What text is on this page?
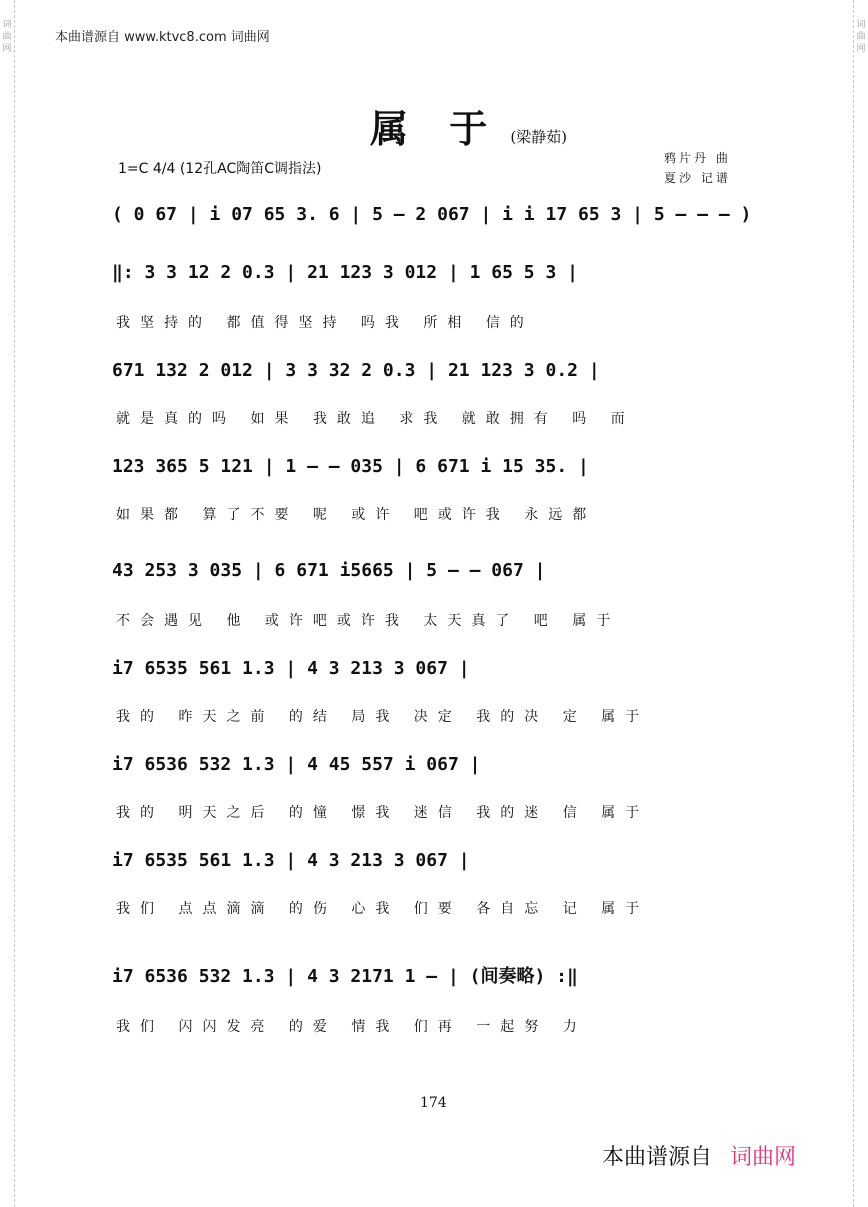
词
曲
网
词
曲
网
本曲谱源自 www.ktvc8.com 词曲网
属 于 (梁静茹)
1=C 4/4 (12孔AC陶笛C调指法)
鸦片丹 曲
夏沙 记谱
( 0 67 | i 07 65 3. 6 | 5 – 2 067 | i i 17 65 3 | 5 – – – )
‖: 3 3 12 2 0.3 | 21 123 3 012 | 1 65 5 3 |
我坚持的 都值得坚持 吗我 所相 信的
671 132 2 012 | 3 3 32 2 0.3 | 21 123 3 0.2 |
就是真的吗 如果 我敢追 求我 就敢拥有 吗 而
123 365 5 121 | 1 – – 035 | 6 671 i 15 35. |
如果都 算了不要 呢 或许 吧或许我 永远都
43 253 3 035 | 6 671 i5665 | 5 – – 067 |
不会遇见 他 或许吧或许我 太天真了 吧 属于
i7 6535 561 1.3 | 4 3 213 3 067 |
我的 昨天之前 的结 局我 决定 我的决 定 属于
i7 6536 532 1.3 | 4 45 557 i 067 |
我的 明天之后 的憧 憬我 迷信 我的迷 信 属于
i7 6535 561 1.3 | 4 3 213 3 067 |
我们 点点滴滴 的伤 心我 们要 各自忘 记 属于
i7 6536 532 1.3 | 4 3 2171 1 – | (间奏略) :‖
我们 闪闪发亮 的爱 情我 们再 一起努 力
174
本曲谱源自 词曲网
